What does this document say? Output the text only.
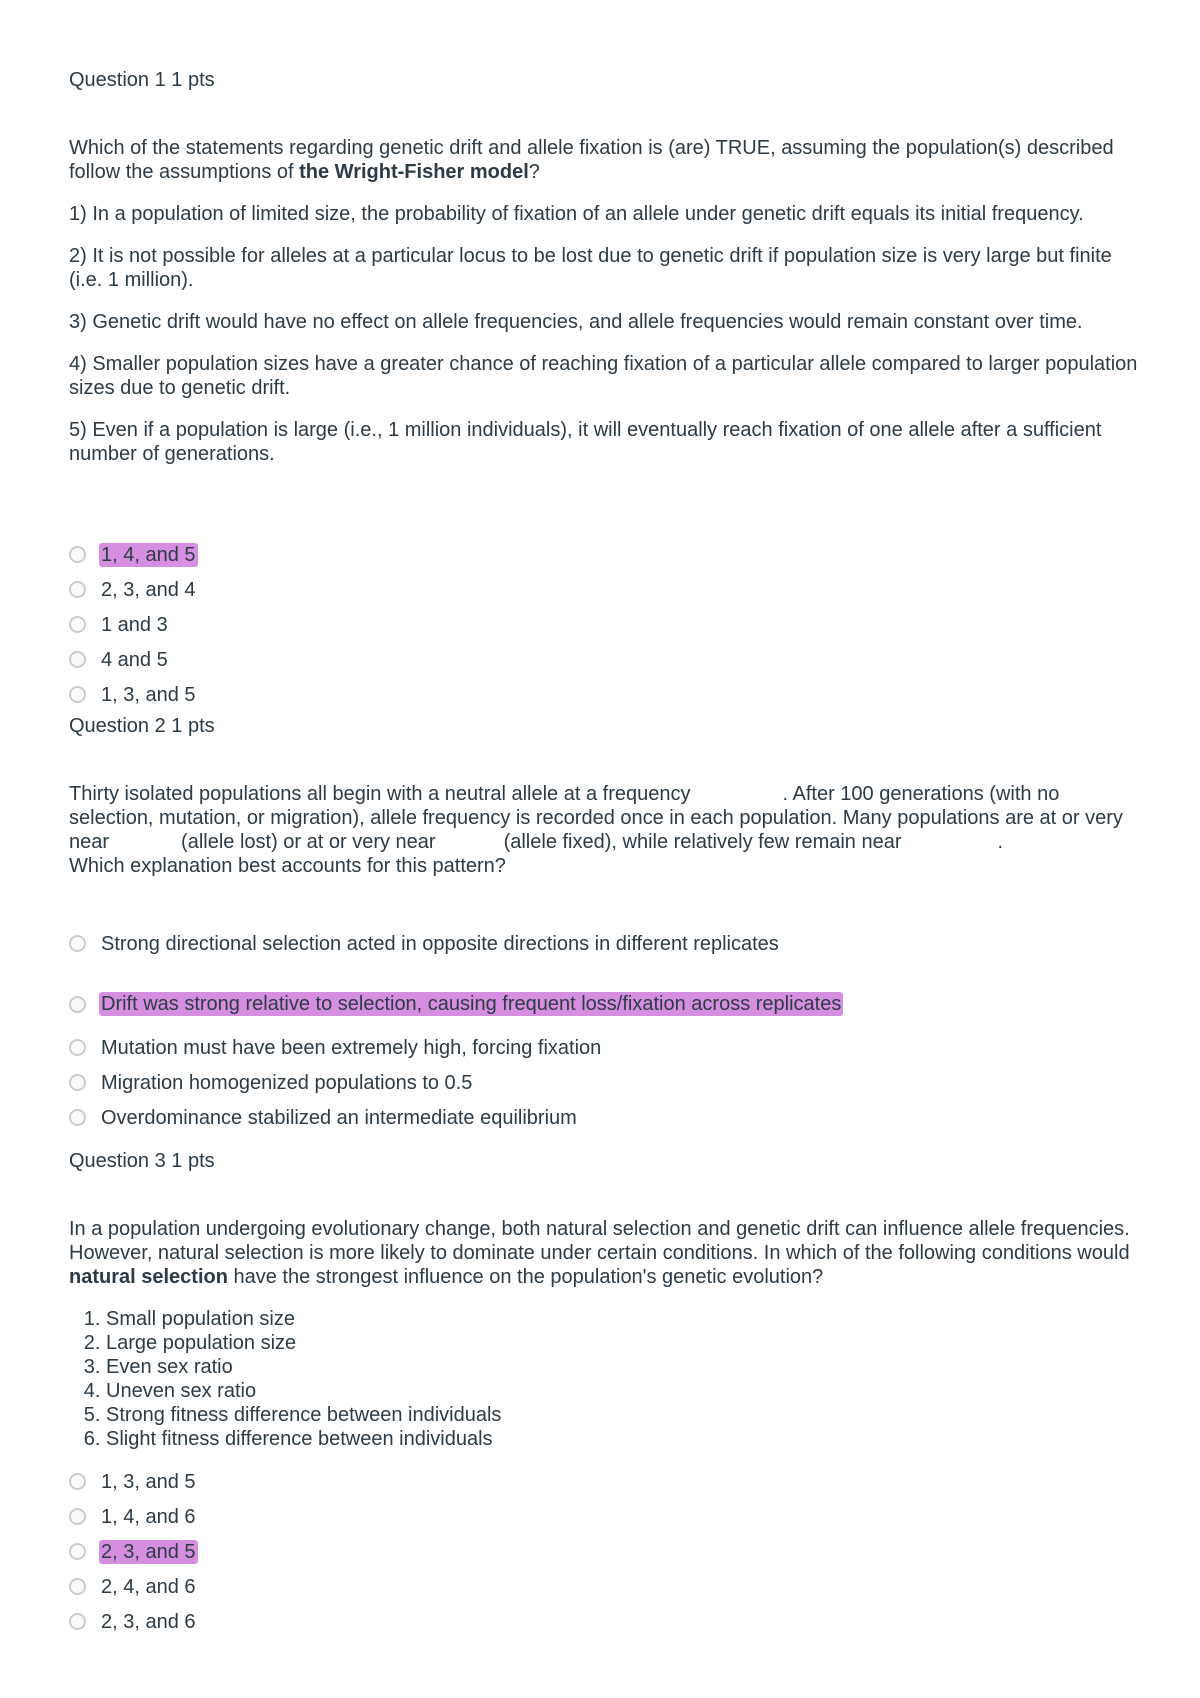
Question 1 1 pts

Which of the statements regarding genetic drift and allele fixation is (are) TRUE, assuming the population(s) described follow the assumptions of the Wright-Fisher model?

1) In a population of limited size, the probability of fixation of an allele under genetic drift equals its initial frequency.

2) It is not possible for alleles at a particular locus to be lost due to genetic drift if population size is very large but finite (i.e. 1 million).

3) Genetic drift would have no effect on allele frequencies, and allele frequencies would remain constant over time.

4) Smaller population sizes have a greater chance of reaching fixation of a particular allele compared to larger population sizes due to genetic drift.

5) Even if a population is large (i.e., 1 million individuals), it will eventually reach fixation of one allele after a sufficient number of generations.

1, 4, and 5
2, 3, and 4
1 and 3
4 and 5
1, 3, and 5
Question 2 1 pts

Thirty isolated populations all begin with a neutral allele at a frequency	. After 100 generations (with no selection, mutation, or migration), allele frequency is recorded once in each population. Many populations are at or very near	(allele lost) or at or very near	(allele fixed), while relatively few remain near	.
Which explanation best accounts for this pattern?

Strong directional selection acted in opposite directions in different replicates
Drift was strong relative to selection, causing frequent loss/fixation across replicates
Mutation must have been extremely high, forcing fixation
Migration homogenized populations to 0.5
Overdominance stabilized an intermediate equilibrium
Question 3 1 pts

In a population undergoing evolutionary change, both natural selection and genetic drift can influence allele frequencies. However, natural selection is more likely to dominate under certain conditions. In which of the following conditions would natural selection have the strongest influence on the population's genetic evolution?

1. Small population size
2. Large population size
3. Even sex ratio
4. Uneven sex ratio
5. Strong fitness difference between individuals
6. Slight fitness difference between individuals
1, 3, and 5
1, 4, and 6
2, 3, and 5
2, 4, and 6
2, 3, and 6
